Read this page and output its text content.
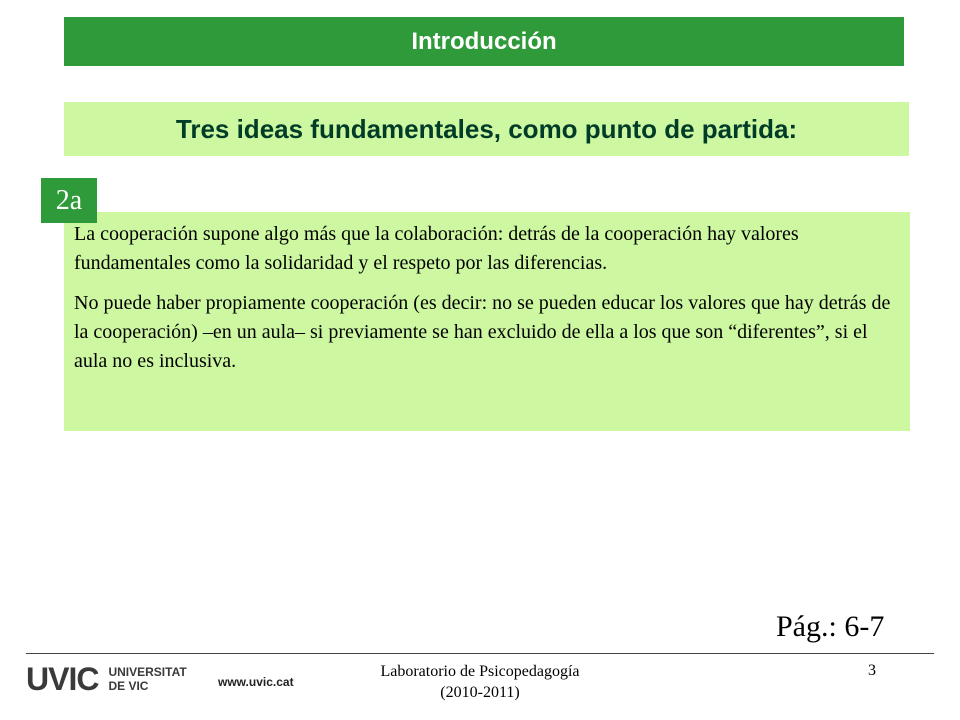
Introducción
Tres ideas fundamentales, como punto de partida:

La cooperación supone algo más que la colaboración: detrás de la cooperación hay valores fundamentales como la solidaridad y el respeto por las diferencias.

No puede haber propiamente cooperación (es decir: no se pueden educar los valores que hay detrás de la cooperación) –en un aula– si previamente se han excluido de ella a los que son “diferentes”, si el aula no es inclusiva.

2a
Pág.: 6-7
UVIC UNIVERSITAT
DE VIC	www.uvic.cat
Laboratorio de Psicopedagogía
(2010-2011)
3
